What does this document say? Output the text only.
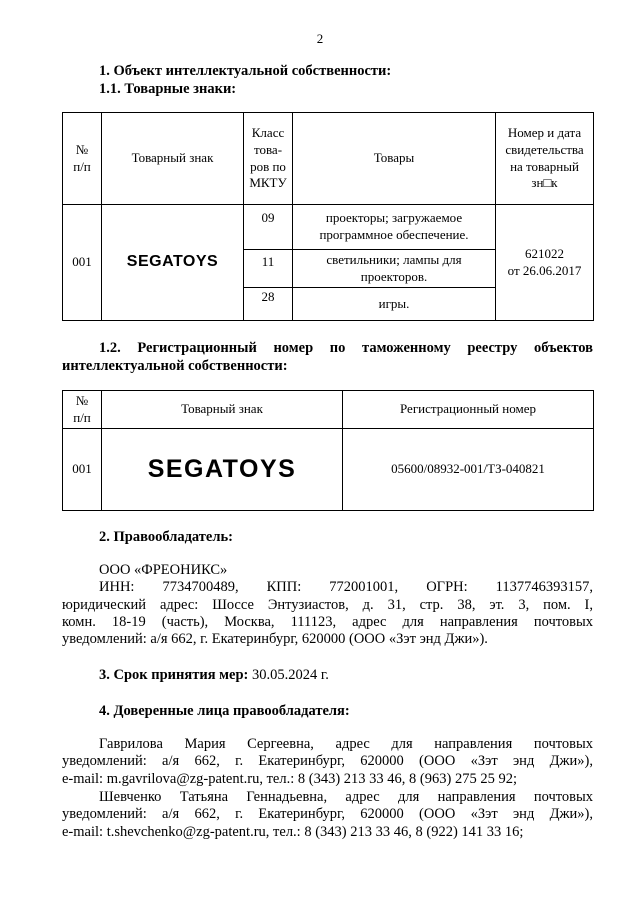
2
1. Объект интеллектуальной собственности:
1.1. Товарные знаки:
№
п/п	Товарный знак	Класс
това-
ров по
МКТУ	Товары	Номер и дата
свидетельства
на товарный
зн□к
001	SEGATOYS	09	проекторы; загружаемое
программное обеспечение.	621022
от 26.06.2017
		11	светильники; лампы для
проекторов.	
		28	игры.	
1.2. Регистрационный номер по таможенному реестру объектов
интеллектуальной собственности:
№
п/п	Товарный знак	Регистрационный номер
001	SEGATOYS	05600/08932-001/ТЗ-040821
2. Правообладатель:
ООО «ФРЕОНИКС»
ИНН: 7734700489, КПП: 772001001, ОГРН: 1137746393157,
юридический адрес: Шоссе Энтузиастов, д. 31, стр. 38, эт. 3, пом. I,
комн. 18-19 (часть), Москва, 111123, адрес для направления почтовых
уведомлений: а/я 662, г. Екатеринбург, 620000 (ООО «Зэт энд Джи»).
3. Срок принятия мер: 30.05.2024 г.
4. Доверенные лица правообладателя:
Гаврилова Мария Сергеевна, адрес для направления почтовых
уведомлений: а/я 662, г. Екатеринбург, 620000 (ООО «Зэт энд Джи»),
e-mail: m.gavrilova@zg-patent.ru, тел.: 8 (343) 213 33 46, 8 (963) 275 25 92;
Шевченко Татьяна Геннадьевна, адрес для направления почтовых
уведомлений: а/я 662, г. Екатеринбург, 620000 (ООО «Зэт энд Джи»),
e-mail: t.shevchenko@zg-patent.ru, тел.: 8 (343) 213 33 46, 8 (922) 141 33 16;
